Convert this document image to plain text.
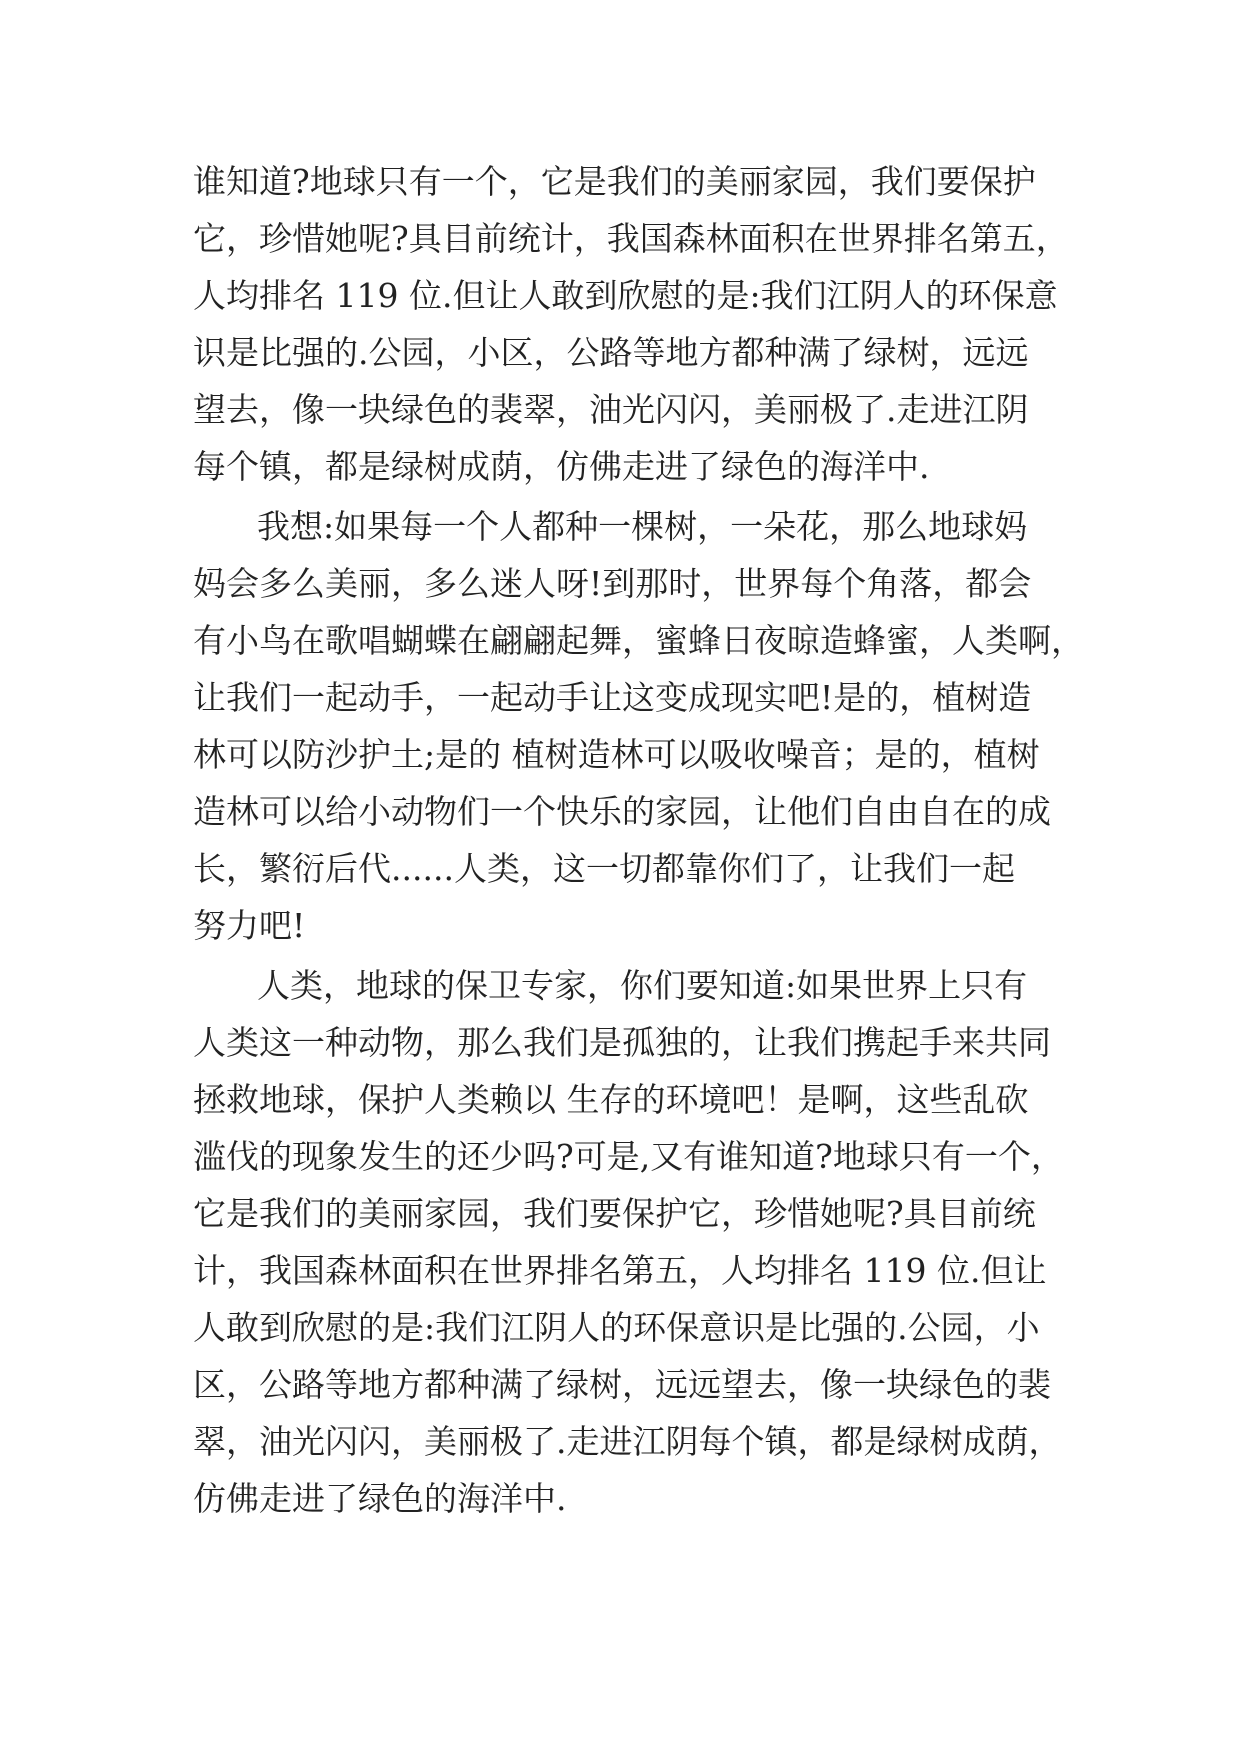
谁知道?地球只有一个，它是我们的美丽家园，我们要保护
它，珍惜她呢?具目前统计，我国森林面积在世界排名第五，
人均排名 119 位.但让人敢到欣慰的是:我们江阴人的环保意
识是比强的.公园，小区，公路等地方都种满了绿树，远远
望去，像一块绿色的裴翠，油光闪闪，美丽极了.走进江阴
每个镇，都是绿树成荫，仿佛走进了绿色的海洋中.
我想:如果每一个人都种一棵树，一朵花，那么地球妈
妈会多么美丽，多么迷人呀!到那时，世界每个角落，都会
有小鸟在歌唱蝴蝶在翩翩起舞，蜜蜂日夜晾造蜂蜜，人类啊，
让我们一起动手，一起动手让这变成现实吧!是的，植树造
林可以防沙护土;是的 植树造林可以吸收噪音；是的，植树
造林可以给小动物们一个快乐的家园，让他们自由自在的成
长，繁衍后代......人类，这一切都靠你们了，让我们一起
努力吧!
人类，地球的保卫专家，你们要知道:如果世界上只有
人类这一种动物，那么我们是孤独的，让我们携起手来共同
拯救地球，保护人类赖以 生存的环境吧！是啊，这些乱砍
滥伐的现象发生的还少吗?可是,又有谁知道?地球只有一个，
它是我们的美丽家园，我们要保护它，珍惜她呢?具目前统
计，我国森林面积在世界排名第五，人均排名 119 位.但让
人敢到欣慰的是:我们江阴人的环保意识是比强的.公园，小
区，公路等地方都种满了绿树，远远望去，像一块绿色的裴
翠，油光闪闪，美丽极了.走进江阴每个镇，都是绿树成荫，
仿佛走进了绿色的海洋中.
